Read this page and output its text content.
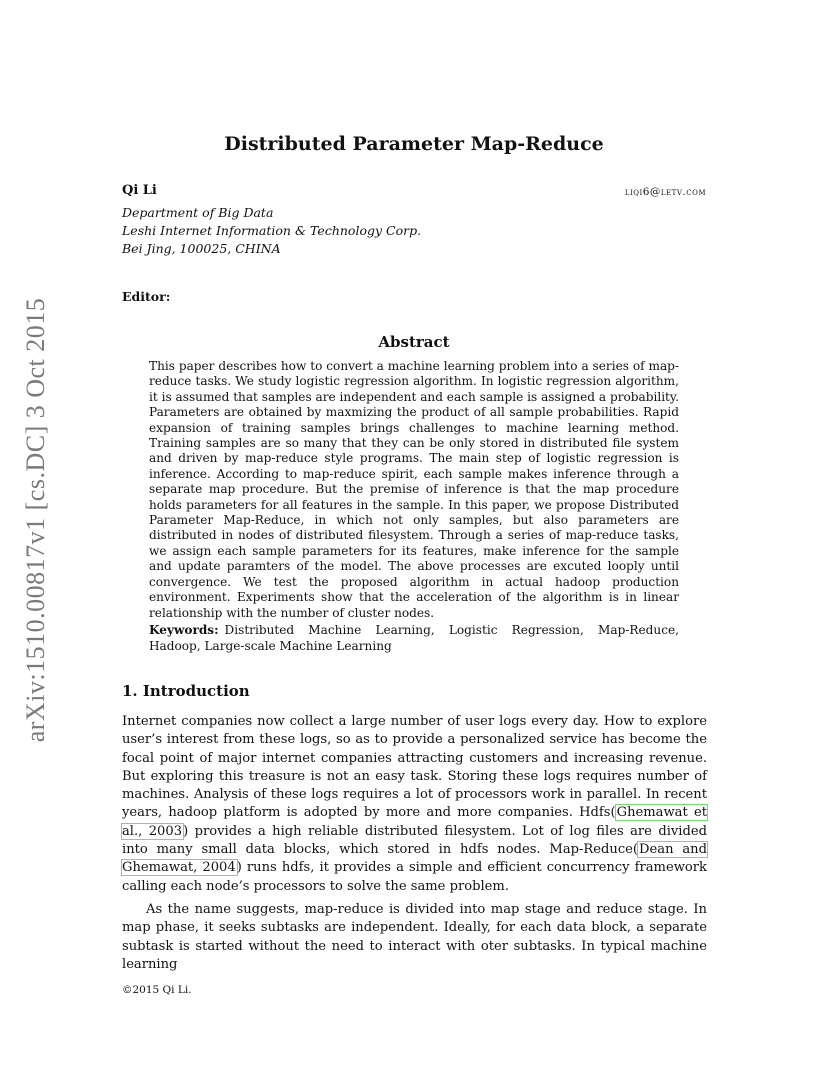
arXiv:1510.00817v1 [cs.DC] 3 Oct 2015
Distributed Parameter Map-Reduce
Qi Li	liqi6@letv.com
Department of Big Data
Leshi Internet Information & Technology Corp.
Bei Jing, 100025, CHINA
Editor:
Abstract

This paper describes how to convert a machine learning problem into a series of map-reduce tasks. We study logistic regression algorithm. In logistic regression algorithm, it is assumed that samples are independent and each sample is assigned a probability. Parameters are obtained by maxmizing the product of all sample probabilities. Rapid expansion of training samples brings challenges to machine learning method. Training samples are so many that they can be only stored in distributed file system and driven by map-reduce style programs. The main step of logistic regression is inference. According to map-reduce spirit, each sample makes inference through a separate map procedure. But the premise of inference is that the map procedure holds parameters for all features in the sample. In this paper, we propose Distributed Parameter Map-Reduce, in which not only samples, but also parameters are distributed in nodes of distributed filesystem. Through a series of map-reduce tasks, we assign each sample parameters for its features, make inference for the sample and update paramters of the model. The above processes are excuted looply until convergence. We test the proposed algorithm in actual hadoop production environment. Experiments show that the acceleration of the algorithm is in linear relationship with the number of cluster nodes.

Keywords: Distributed Machine Learning, Logistic Regression, Map-Reduce, Hadoop, Large-scale Machine Learning

1. Introduction

Internet companies now collect a large number of user logs every day. How to explore user’s interest from these logs, so as to provide a personalized service has become the focal point of major internet companies attracting customers and increasing revenue. But exploring this treasure is not an easy task. Storing these logs requires number of machines. Analysis of these logs requires a lot of processors work in parallel. In recent years, hadoop platform is adopted by more and more companies. Hdfs(Ghemawat et al., 2003) provides a high reliable distributed filesystem. Lot of log files are divided into many small data blocks, which stored in hdfs nodes. Map-Reduce(Dean and Ghemawat, 2004) runs hdfs, it provides a simple and efficient concurrency framework calling each node’s processors to solve the same problem.

As the name suggests, map-reduce is divided into map stage and reduce stage. In map phase, it seeks subtasks are independent. Ideally, for each data block, a separate subtask is started without the need to interact with oter subtasks. In typical machine learning

©2015 Qi Li.
